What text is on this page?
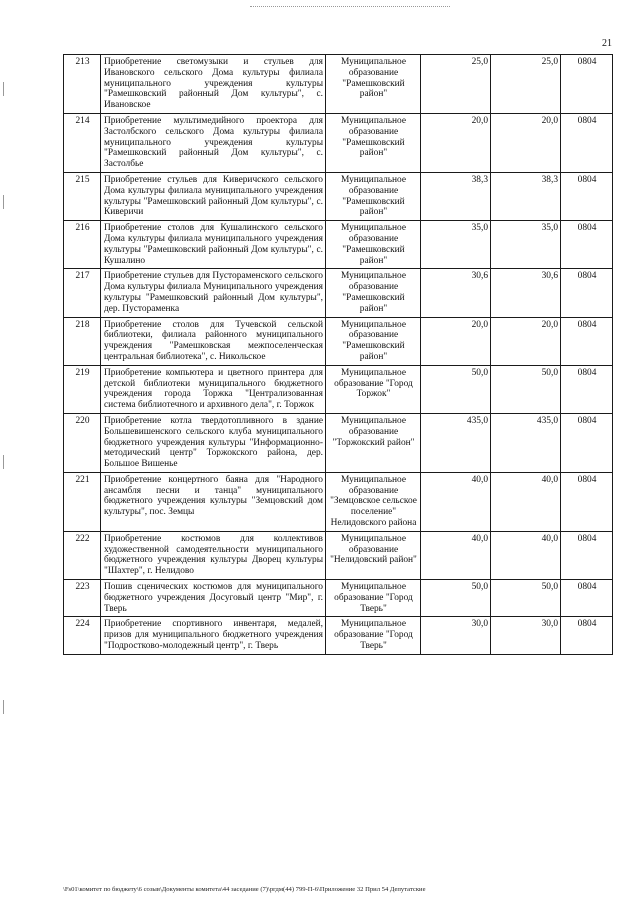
21
213	Приобретение светомузыки и стульев для Ивановского сельского Дома культуры филиала муниципального учреждения культуры "Рамешковский районный Дом культуры", с. Ивановское	Муниципальное образование "Рамешковский район"	25,0	25,0	0804
214	Приобретение мультимедийного проектора для Застолбского сельского Дома культуры филиала муниципального учреждения культуры "Рамешковский районный Дом культуры", с. Застолбье	Муниципальное образование "Рамешковский район"	20,0	20,0	0804
215	Приобретение стульев для Киверичского сельского Дома культуры филиала муниципального учреждения культуры "Рамешковский районный Дом культуры", с. Киверичи	Муниципальное образование "Рамешковский район"	38,3	38,3	0804
216	Приобретение столов для Кушалинского сельского Дома культуры филиала муниципального учреждения культуры "Рамешковский районный Дом культуры", с. Кушалино	Муниципальное образование "Рамешковский район"	35,0	35,0	0804
217	Приобретение стульев для Пустораменского сельского Дома культуры филиала Муниципального учреждения культуры "Рамешковский районный Дом культуры", дер. Пустораменка	Муниципальное образование "Рамешковский район"	30,6	30,6	0804
218	Приобретение столов для Тучевской сельской библиотеки, филиала районного муниципального учреждения "Рамешковская межпоселенческая центральная библиотека", с. Никольское	Муниципальное образование "Рамешковский район"	20,0	20,0	0804
219	Приобретение компьютера и цветного принтера для детской библиотеки муниципального бюджетного учреждения города Торжка "Централизованная система библиотечного и архивного дела", г. Торжок	Муниципальное образование "Город Торжок"	50,0	50,0	0804
220	Приобретение котла твердотопливного в здание Большевишенского сельского клуба муниципального бюджетного учреждения культуры "Информационно-методический центр" Торжокского района, дер. Большое Вишенье	Муниципальное образование "Торжокский район"	435,0	435,0	0804
221	Приобретение концертного баяна для "Народного ансамбля песни и танца" муниципального бюджетного учреждения культуры "Земцовский дом культуры", пос. Земцы	Муниципальное образование "Земцовское сельское поселение" Нелидовского района	40,0	40,0	0804
222	Приобретение костюмов для коллективов художественной самодеятельности муниципального бюджетного учреждения культуры Дворец культуры "Шахтер", г. Нелидово	Муниципальное образование "Нелидовский район"	40,0	40,0	0804
223	Пошив сценических костюмов для муниципального бюджетного учреждения Досуговый центр "Мир", г. Тверь	Муниципальное образование "Город Тверь"	50,0	50,0	0804
224	Приобретение спортивного инвентаря, медалей, призов для муниципального бюджетного учреждения "Подростково-молодежный центр", г. Тверь	Муниципальное образование "Город Тверь"	30,0	30,0	0804
\Fs01\комитет по бюджету\6 созыв\Документы комитета\44 заседание (7)\ргдм(44) 799-П-6\Приложение 32 Прил 54 Депутатские
